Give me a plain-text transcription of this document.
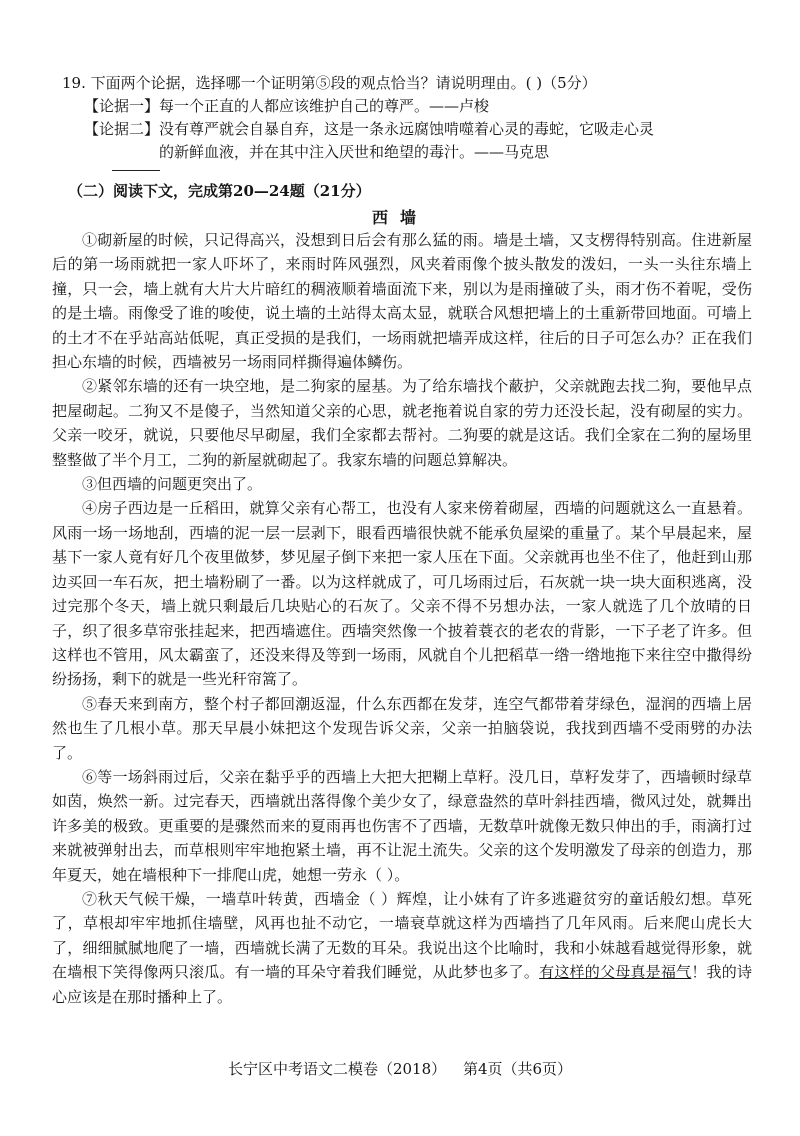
19. 下面两个论据，选择哪一个证明第⑤段的观点恰当？请说明理由。( )（5分）
【论据一】每一个正直的人都应该维护自己的尊严。——卢梭
【论据二】没有尊严就会自暴自弃，这是一条永远腐蚀啃噬着心灵的毒蛇，它吸走心灵
的新鲜血液，并在其中注入厌世和绝望的毒汁。——马克思
（二）阅读下文，完成第20—24题（21分）
西墙

①砌新屋的时候，只记得高兴，没想到日后会有那么猛的雨。墙是土墙，又支楞得特别高。住进新屋后的第一场雨就把一家人吓坏了，来雨时阵风强烈，风夹着雨像个披头散发的泼妇，一头一头往东墙上撞，只一会，墙上就有大片大片暗红的稠液顺着墙面流下来，别以为是雨撞破了头，雨才伤不着呢，受伤的是土墙。雨像受了谁的唆使，说土墙的土站得太高太显，就联合风想把墙上的土重新带回地面。可墙上的土才不在乎站高站低呢，真正受损的是我们，一场雨就把墙弄成这样，往后的日子可怎么办？正在我们担心东墙的时候，西墙被另一场雨同样撕得遍体鳞伤。

②紧邻东墙的还有一块空地，是二狗家的屋基。为了给东墙找个蔽护，父亲就跑去找二狗，要他早点把屋砌起。二狗又不是傻子，当然知道父亲的心思，就老拖着说自家的劳力还没长起，没有砌屋的实力。父亲一咬牙，就说，只要他尽早砌屋，我们全家都去帮衬。二狗要的就是这话。我们全家在二狗的屋场里整整做了半个月工，二狗的新屋就砌起了。我家东墙的问题总算解决。

③但西墙的问题更突出了。

④房子西边是一丘稻田，就算父亲有心帮工，也没有人家来傍着砌屋，西墙的问题就这么一直悬着。风雨一场一场地刮，西墙的泥一层一层剥下，眼看西墙很快就不能承负屋梁的重量了。某个早晨起来，屋基下一家人竟有好几个夜里做梦，梦见屋子倒下来把一家人压在下面。父亲就再也坐不住了，他赶到山那边买回一车石灰，把土墙粉刷了一番。以为这样就成了，可几场雨过后，石灰就一块一块大面积逃离，没过完那个冬天，墙上就只剩最后几块贴心的石灰了。父亲不得不另想办法，一家人就选了几个放晴的日子，织了很多草帘张挂起来，把西墙遮住。西墙突然像一个披着蓑衣的老农的背影，一下子老了许多。但这样也不管用，风太霸蛮了，还没来得及等到一场雨，风就自个儿把稻草一绺一绺地拖下来往空中撒得纷纷扬扬，剩下的就是一些光秆帘篙了。

⑤春天来到南方，整个村子都回潮返湿，什么东西都在发芽，连空气都带着芽绿色，湿润的西墙上居然也生了几根小草。那天早晨小妹把这个发现告诉父亲，父亲一拍脑袋说，我找到西墙不受雨劈的办法了。

⑥等一场斜雨过后，父亲在黏乎乎的西墙上大把大把糊上草籽。没几日，草籽发芽了，西墙顿时绿草如茵，焕然一新。过完春天，西墙就出落得像个美少女了，绿意盎然的草叶斜挂西墙，微风过处，就舞出许多美的极致。更重要的是骤然而来的夏雨再也伤害不了西墙，无数草叶就像无数只伸出的手，雨滴打过来就被弹射出去，而草根则牢牢地抱紧土墙，再不让泥土流失。父亲的这个发明激发了母亲的创造力，那年夏天，她在墙根种下一排爬山虎，她想一劳永（ ）。

⑦秋天气候干燥，一墙草叶转黄，西墙金（ ）辉煌，让小妹有了许多逃避贫穷的童话般幻想。草死了，草根却牢牢地抓住墙壁，风再也扯不动它，一墙衰草就这样为西墙挡了几年风雨。后来爬山虎长大了，细细腻腻地爬了一墙，西墙就长满了无数的耳朵。我说出这个比喻时，我和小妹越看越觉得形象，就在墙根下笑得像两只滚瓜。有一墙的耳朵守着我们睡觉，从此梦也多了。有这样的父母真是福气！我的诗心应该是在那时播种上了。

长宁区中考语文二模卷（2018） 第4页（共6页）
